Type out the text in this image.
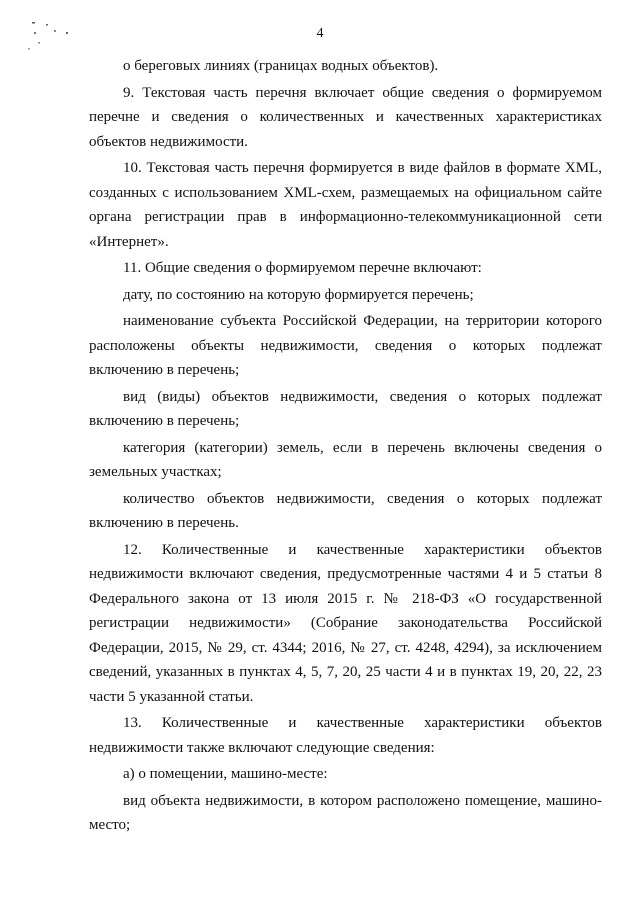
4

о береговых линиях (границах водных объектов).

9. Текстовая часть перечня включает общие сведения о формируемом перечне и сведения о количественных и качественных характеристиках объектов недвижимости.

10. Текстовая часть перечня формируется в виде файлов в формате XML, созданных с использованием XML-схем, размещаемых на официальном сайте органа регистрации прав в информационно-телекоммуникационной сети «Интернет».

11. Общие сведения о формируемом перечне включают:

дату, по состоянию на которую формируется перечень;

наименование субъекта Российской Федерации, на территории которого расположены объекты недвижимости, сведения о которых подлежат включению в перечень;

вид (виды) объектов недвижимости, сведения о которых подлежат включению в перечень;

категория (категории) земель, если в перечень включены сведения о земельных участках;

количество объектов недвижимости, сведения о которых подлежат включению в перечень.

12. Количественные и качественные характеристики объектов недвижимости включают сведения, предусмотренные частями 4 и 5 статьи 8 Федерального закона от 13 июля 2015 г. № 218-ФЗ «О государственной регистрации недвижимости» (Собрание законодательства Российской Федерации, 2015, № 29, ст. 4344; 2016, № 27, ст. 4248, 4294), за исключением сведений, указанных в пунктах 4, 5, 7, 20, 25 части 4 и в пунктах 19, 20, 22, 23 части 5 указанной статьи.

13. Количественные и качественные характеристики объектов недвижимости также включают следующие сведения:

а) о помещении, машино-месте:

вид объекта недвижимости, в котором расположено помещение, машино-место;
